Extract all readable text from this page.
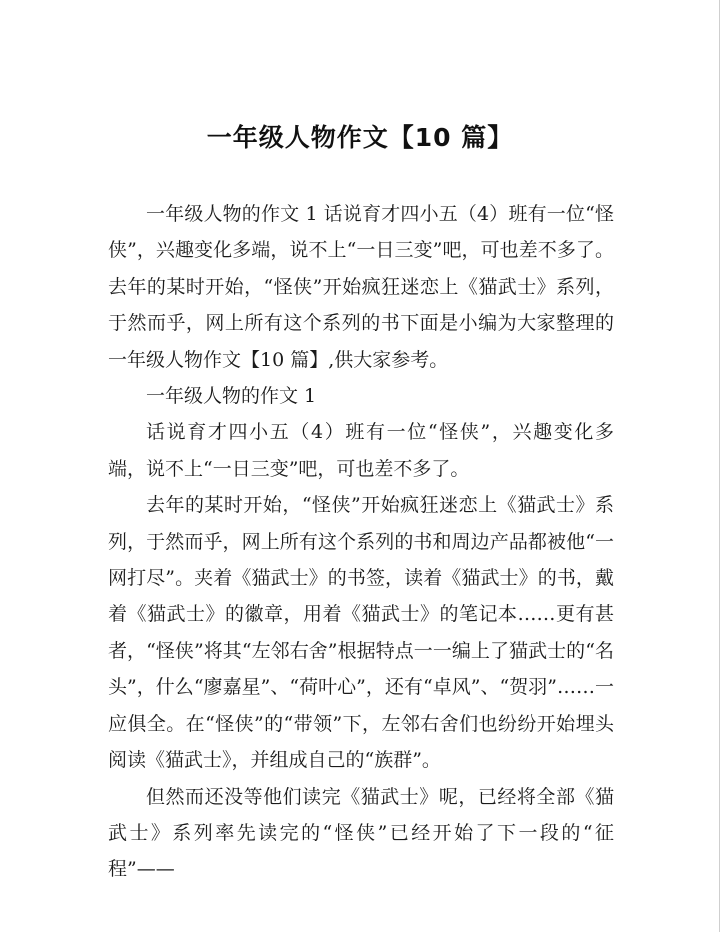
一年级人物作文【10 篇】

一年级人物的作文 1 话说育才四小五（4）班有一位“怪侠”，兴趣变化多端，说不上“一日三变”吧，可也差不多了。去年的某时开始，“怪侠”开始疯狂迷恋上《猫武士》系列，于然而乎，网上所有这个系列的书下面是小编为大家整理的一年级人物作文【10 篇】,供大家参考。

一年级人物的作文 1

话说育才四小五（4）班有一位“怪侠”，兴趣变化多端，说不上“一日三变”吧，可也差不多了。

去年的某时开始，“怪侠”开始疯狂迷恋上《猫武士》系列，于然而乎，网上所有这个系列的书和周边产品都被他“一网打尽”。夹着《猫武士》的书签，读着《猫武士》的书，戴着《猫武士》的徽章，用着《猫武士》的笔记本……更有甚者，“怪侠”将其“左邻右舍”根据特点一一编上了猫武士的“名头”，什么“廖嘉星”、“荷叶心”，还有“卓风”、“贺羽”……一应俱全。在“怪侠”的“带领”下，左邻右舍们也纷纷开始埋头阅读《猫武士》，并组成自己的“族群”。

但然而还没等他们读完《猫武士》呢，已经将全部《猫武士》系列率先读完的“怪侠”已经开始了下一段的“征程”——
